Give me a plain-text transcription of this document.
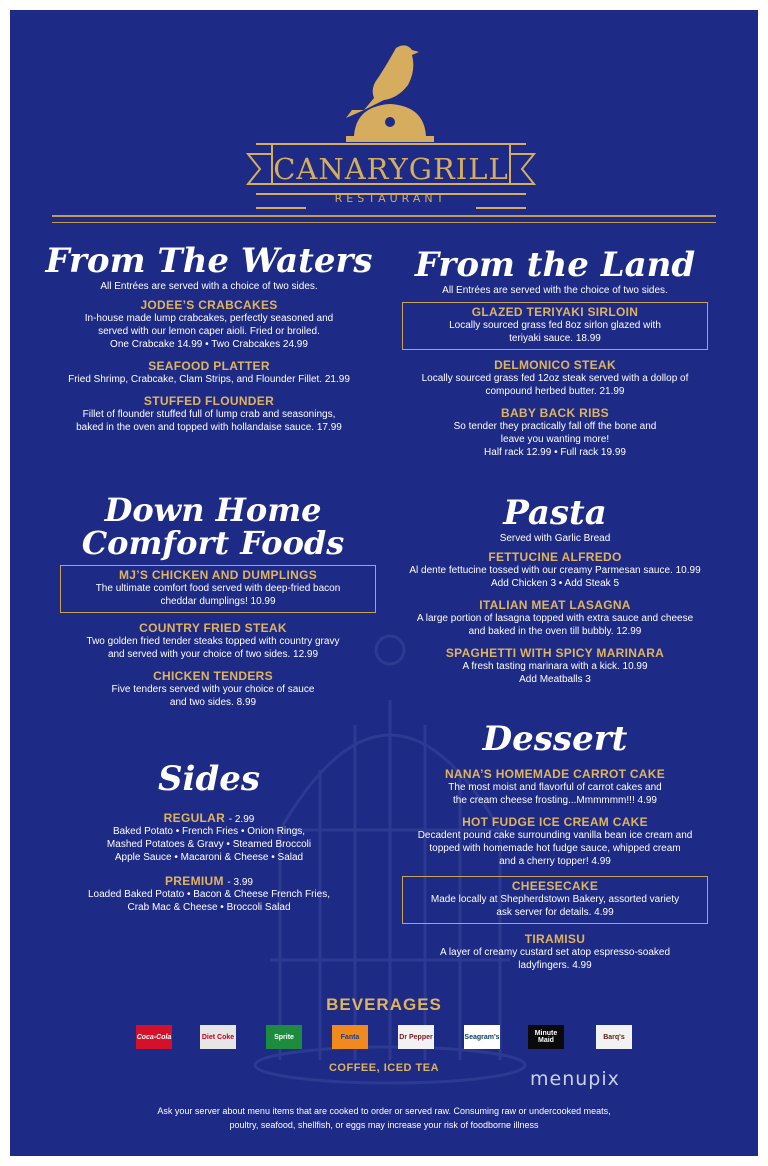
CANARYGRILL
RESTAURANT
From The Waters
All Entrées are served with a choice of two sides.
JODEE’S CRABCAKES
In-house made lump crabcakes, perfectly seasoned and
served with our lemon caper aioli. Fried or broiled.
One Crabcake 14.99 • Two Crabcakes 24.99
SEAFOOD PLATTER
Fried Shrimp, Crabcake, Clam Strips, and Flounder Fillet. 21.99
STUFFED FLOUNDER
Fillet of flounder stuffed full of lump crab and seasonings,
baked in the oven and topped with hollandaise sauce. 17.99
From the Land
All Entrées are served with the choice of two sides.
GLAZED TERIYAKI SIRLOIN
Locally sourced grass fed 8oz sirlon glazed with
teriyaki sauce. 18.99
DELMONICO STEAK
Locally sourced grass fed 12oz steak served with a dollop of
compound herbed butter. 21.99
BABY BACK RIBS
So tender they practically fall off the bone and
leave you wanting more!
Half rack 12.99 • Full rack 19.99
Down Home
Comfort Foods
MJ’S CHICKEN AND DUMPLINGS
The ultimate comfort food served with deep-fried bacon
cheddar dumplings! 10.99
COUNTRY FRIED STEAK
Two golden fried tender steaks topped with country gravy
and served with your choice of two sides. 12.99
CHICKEN TENDERS
Five tenders served with your choice of sauce
and two sides. 8.99
Pasta
Served with Garlic Bread
FETTUCINE ALFREDO
Al dente fettucine tossed with our creamy Parmesan sauce. 10.99
Add Chicken 3 • Add Steak 5
ITALIAN MEAT LASAGNA
A large portion of lasagna topped with extra sauce and cheese
and baked in the oven till bubbly. 12.99
SPAGHETTI WITH SPICY MARINARA
A fresh tasting marinara with a kick. 10.99
Add Meatballs 3
Sides
REGULAR - 2.99
Baked Potato • French Fries • Onion Rings,
Mashed Potatoes & Gravy • Steamed Broccoli
Apple Sauce • Macaroni & Cheese • Salad
PREMIUM - 3.99
Loaded Baked Potato • Bacon & Cheese French Fries,
Crab Mac & Cheese • Broccoli Salad
Dessert
NANA’S HOMEMADE CARROT CAKE
The most moist and flavorful of carrot cakes and
the cream cheese frosting...Mmmmmm!!! 4.99
HOT FUDGE ICE CREAM CAKE
Decadent pound cake surrounding vanilla bean ice cream and
topped with homemade hot fudge sauce, whipped cream
and a cherry topper! 4.99
CHEESECAKE
Made locally at Shepherdstown Bakery, assorted variety
ask server for details. 4.99
TIRAMISU
A layer of creamy custard set atop espresso-soaked
ladyfingers. 4.99
BEVERAGES
Coca-Cola	Diet Coke	Sprite	Fanta	Dr Pepper	Seagram's	Minute Maid	Barq's
COFFEE, ICED TEA	menupix
Ask your server about menu items that are cooked to order or served raw. Consuming raw or undercooked meats,
poultry, seafood, shellfish, or eggs may increase your risk of foodborne illness
